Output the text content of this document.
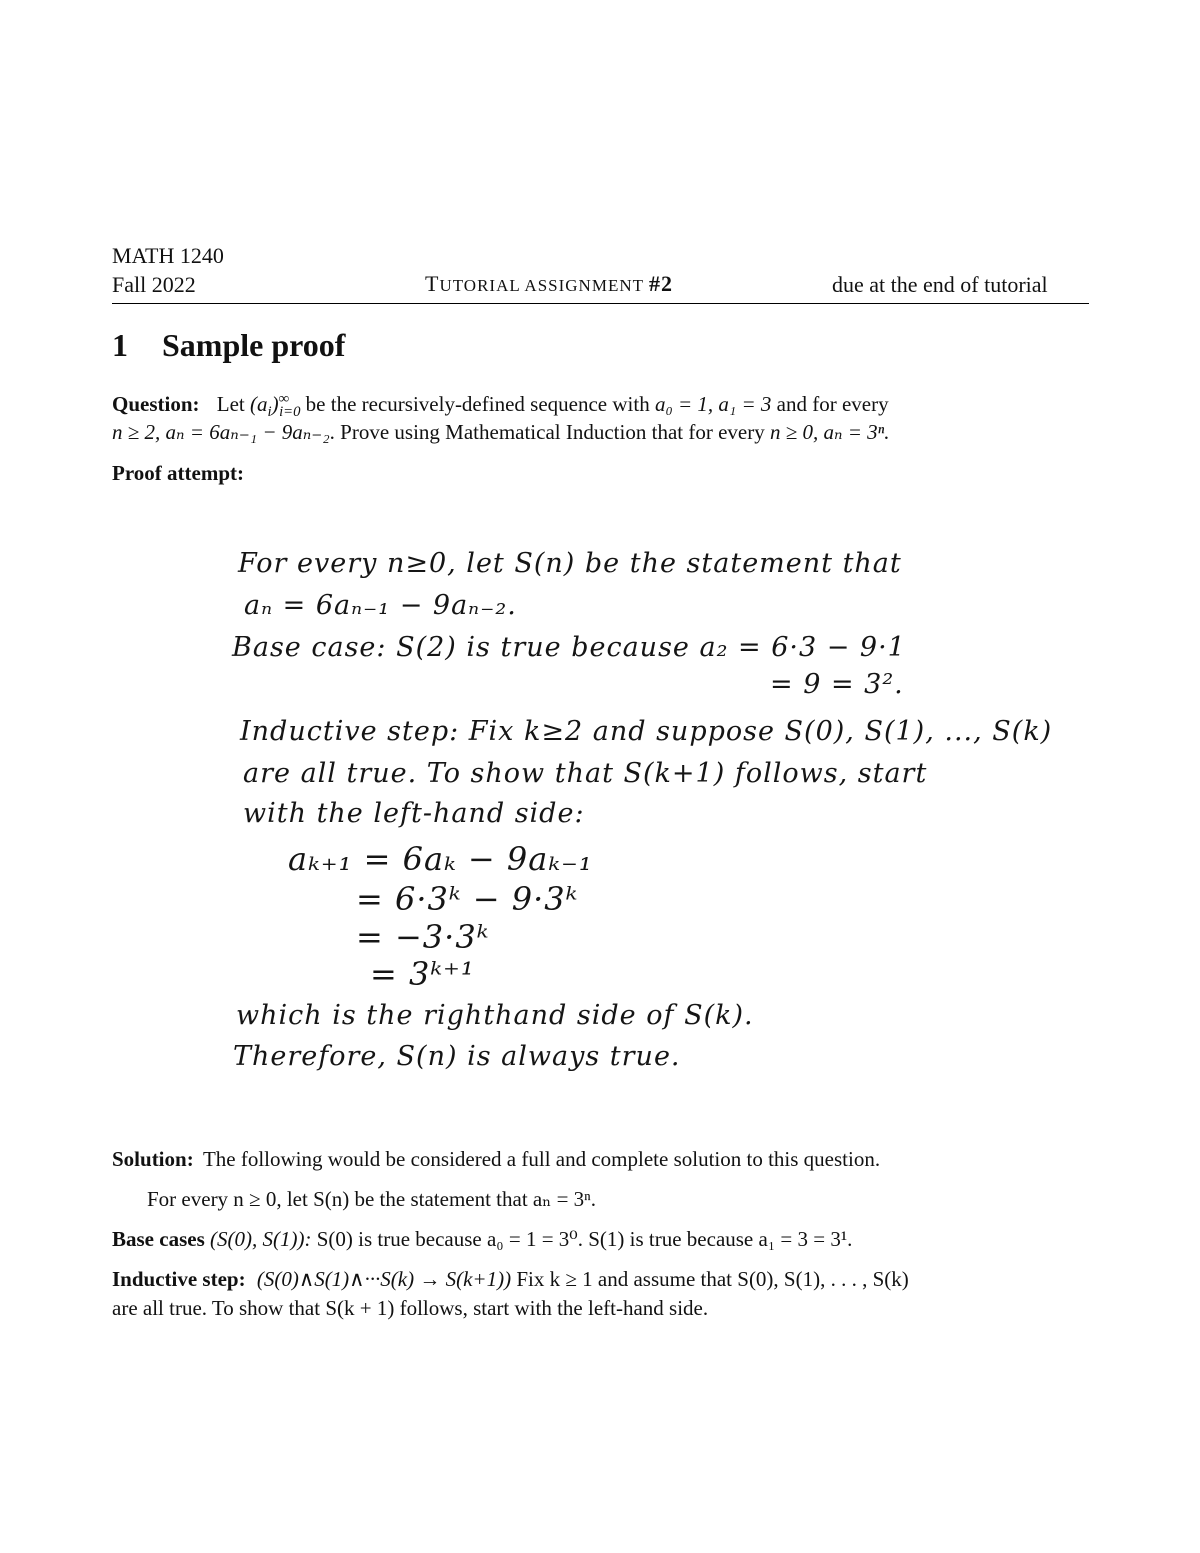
MATH 1240
Fall 2022	TUTORIAL ASSIGNMENT #2	due at the end of tutorial
1 Sample proof
Question: Let $(a_i)^\infty_{i=0}$ be the recursively-defined sequence with a₀ = 1, a₁ = 3 and for every
n ≥ 2, aₙ = 6aₙ₋₁ − 9aₙ₋₂. Prove using Mathematical Induction that for every n ≥ 0, aₙ = 3ⁿ.
Proof attempt:
For every n≥0, let S(n) be the statement that
aₙ = 6aₙ₋₁ − 9aₙ₋₂.
Base case: S(2) is true because a₂ = 6·3 − 9·1
= 9 = 3².
Inductive step: Fix k≥2 and suppose S(0), S(1), ..., S(k)
are all true. To show that S(k+1) follows, start
with the left-hand side:
aₖ₊₁ = 6aₖ − 9aₖ₋₁
= 6·3ᵏ − 9·3ᵏ
= −3·3ᵏ
= 3ᵏ⁺¹
which is the righthand side of S(k).
Therefore, S(n) is always true.
Solution: The following would be considered a full and complete solution to this question.
For every n ≥ 0, let S(n) be the statement that aₙ = 3ⁿ.
Base cases (S(0), S(1)): S(0) is true because a₀ = 1 = 3⁰. S(1) is true because a₁ = 3 = 3¹.
Inductive step: (S(0)∧S(1)∧···S(k) → S(k+1)) Fix k ≥ 1 and assume that S(0), S(1), . . . , S(k)
are all true. To show that S(k + 1) follows, start with the left-hand side.
